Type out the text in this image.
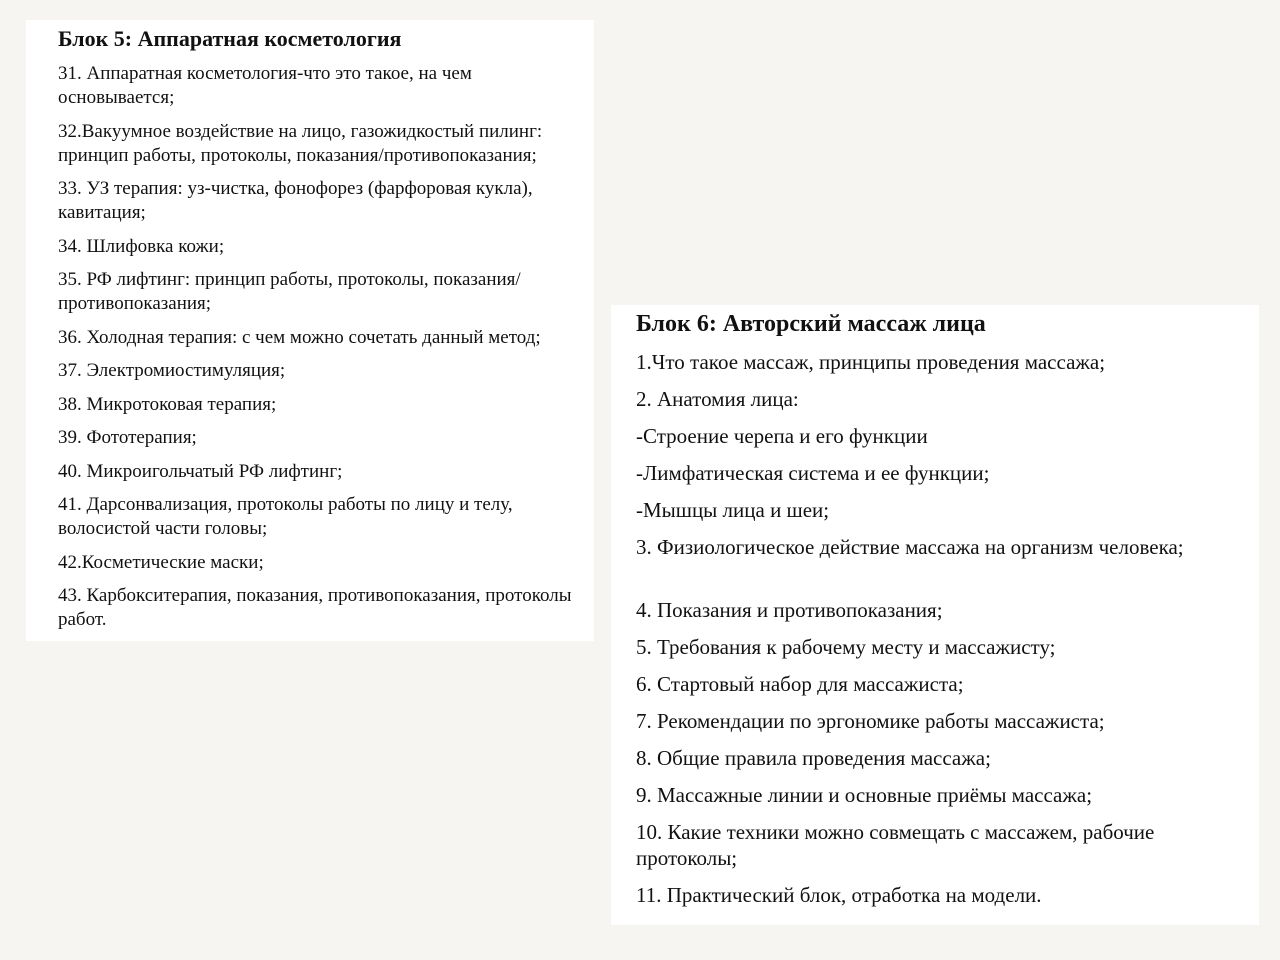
Блок 5: Аппаратная косметология
31. Аппаратная косметология-что это такое, на чем основывается;
32.Вакуумное воздействие на лицо, газожидкостый пилинг: принцип работы, протоколы, показания/противопоказания;
33. УЗ терапия: уз-чистка, фонофорез (фарфоровая кукла), кавитация;
34. Шлифовка кожи;
35. РФ лифтинг: принцип работы, протоколы, показания/ противопоказания;
36. Холодная терапия: с чем можно сочетать данный метод;
37. Электромиостимуляция;
38. Микротоковая терапия;
39. Фототерапия;
40. Микроигольчатый РФ лифтинг;
41. Дарсонвализация, протоколы работы по лицу и телу, волосистой части головы;
42.Косметические маски;
43. Карбокситерапия, показания, противопоказания, протоколы работ.
Блок 6: Авторский массаж лица
1.Что такое массаж, принципы проведения массажа;
2. Анатомия лица:
-Строение черепа и его функции
-Лимфатическая система и ее функции;
-Мышцы лица и шеи;
3. Физиологическое действие массажа на организм человека;
4. Показания и противопоказания;
5. Требования к рабочему месту и массажисту;
6. Стартовый набор для массажиста;
7. Рекомендации по эргономике работы массажиста;
8. Общие правила проведения массажа;
9. Массажные линии и основные приёмы массажа;
10. Какие техники можно совмещать с массажем, рабочие протоколы;
11. Практический блок, отработка на модели.
